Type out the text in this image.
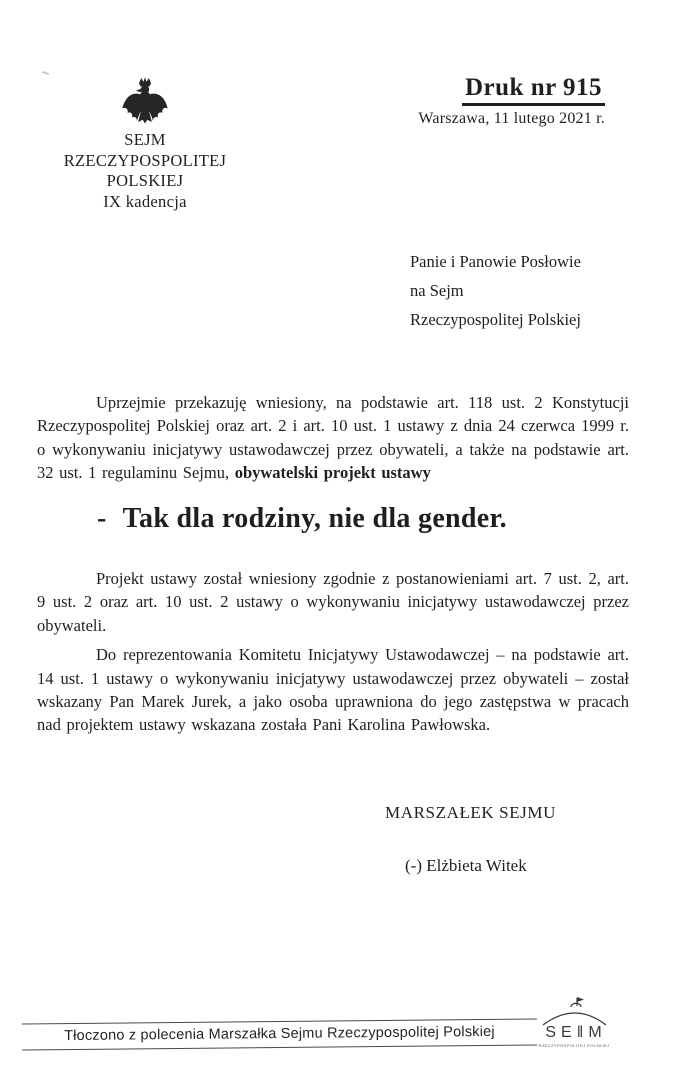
SEJM
RZECZYPOSPOLITEJ POLSKIEJ
IX kadencja
Druk nr 915
Warszawa, 11 lutego 2021 r.
Panie i Panowie Posłowie
na Sejm
Rzeczypospolitej Polskiej
Uprzejmie przekazuję wniesiony, na podstawie art. 118 ust. 2 Konstytucji Rzeczypospolitej Polskiej oraz art. 2 i art. 10 ust. 1 ustawy z dnia 24 czerwca 1999 r. o wykonywaniu inicjatywy ustawodawczej przez obywateli, a także na podstawie art. 32 ust. 1 regulaminu Sejmu, obywatelski projekt ustawy
- Tak dla rodziny, nie dla gender.
Projekt ustawy został wniesiony zgodnie z postanowieniami art. 7 ust. 2, art. 9 ust. 2 oraz art. 10 ust. 2 ustawy o wykonywaniu inicjatywy ustawodawczej przez obywateli.
Do reprezentowania Komitetu Inicjatywy Ustawodawczej – na podstawie art. 14 ust. 1 ustawy o wykonywaniu inicjatywy ustawodawczej przez obywateli – został wskazany Pan Marek Jurek, a jako osoba uprawniona do jego zastępstwa w pracach nad projektem ustawy wskazana została Pani Karolina Pawłowska.
MARSZAŁEK SEJMU
(-) Elżbieta Witek
Tłoczono z polecenia Marszałka Sejmu Rzeczypospolitej Polskiej	SE‖M
RZECZYPOSPOLITEJ POLSKIEJ
